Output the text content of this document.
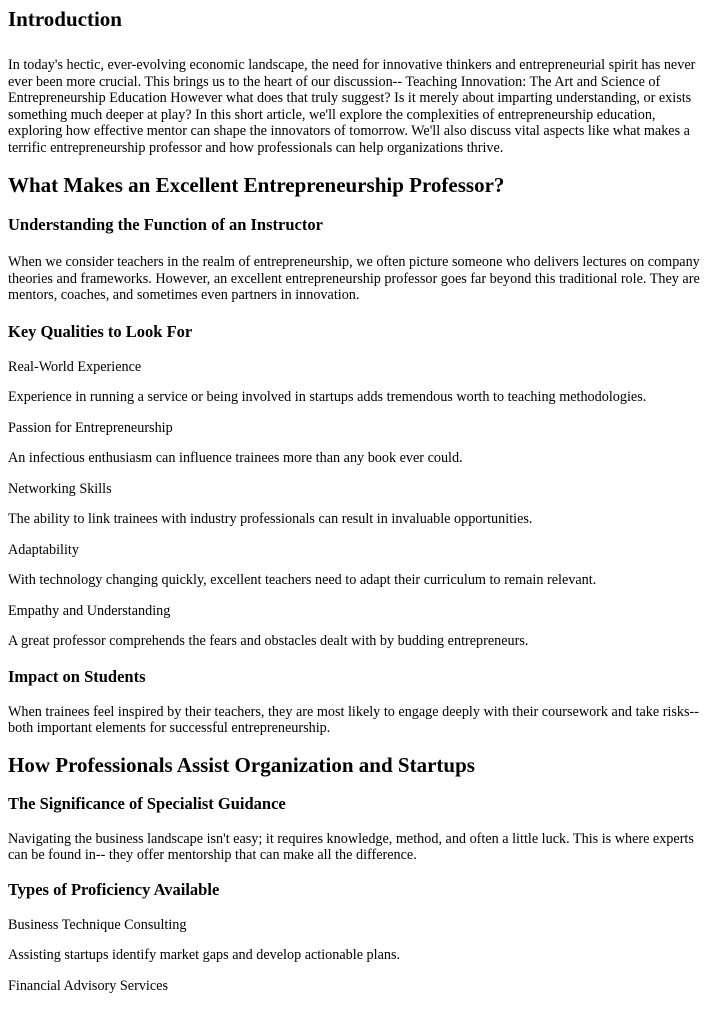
Introduction

In today's hectic, ever-evolving economic landscape, the need for innovative thinkers and entrepreneurial spirit has never ever been more crucial. This brings us to the heart of our discussion-- Teaching Innovation: The Art and Science of Entrepreneurship Education However what does that truly suggest? Is it merely about imparting understanding, or exists something much deeper at play? In this short article, we'll explore the complexities of entrepreneurship education, exploring how effective mentor can shape the innovators of tomorrow. We'll also discuss vital aspects like what makes a terrific entrepreneurship professor and how professionals can help organizations thrive.

What Makes an Excellent Entrepreneurship Professor?
Understanding the Function of an Instructor

When we consider teachers in the realm of entrepreneurship, we often picture someone who delivers lectures on company theories and frameworks. However, an excellent entrepreneurship professor goes far beyond this traditional role. They are mentors, coaches, and sometimes even partners in innovation.

Key Qualities to Look For

Real-World Experience

Experience in running a service or being involved in startups adds tremendous worth to teaching methodologies.

Passion for Entrepreneurship

An infectious enthusiasm can influence trainees more than any book ever could.

Networking Skills

The ability to link trainees with industry professionals can result in invaluable opportunities.

Adaptability

With technology changing quickly, excellent teachers need to adapt their curriculum to remain relevant.

Empathy and Understanding

A great professor comprehends the fears and obstacles dealt with by budding entrepreneurs.

Impact on Students

When trainees feel inspired by their teachers, they are most likely to engage deeply with their coursework and take risks-- both important elements for successful entrepreneurship.

How Professionals Assist Organization and Startups
The Significance of Specialist Guidance

Navigating the business landscape isn't easy; it requires knowledge, method, and often a little luck. This is where experts can be found in-- they offer mentorship that can make all the difference.

Types of Proficiency Available

Business Technique Consulting

Assisting startups identify market gaps and develop actionable plans.

Financial Advisory Services
